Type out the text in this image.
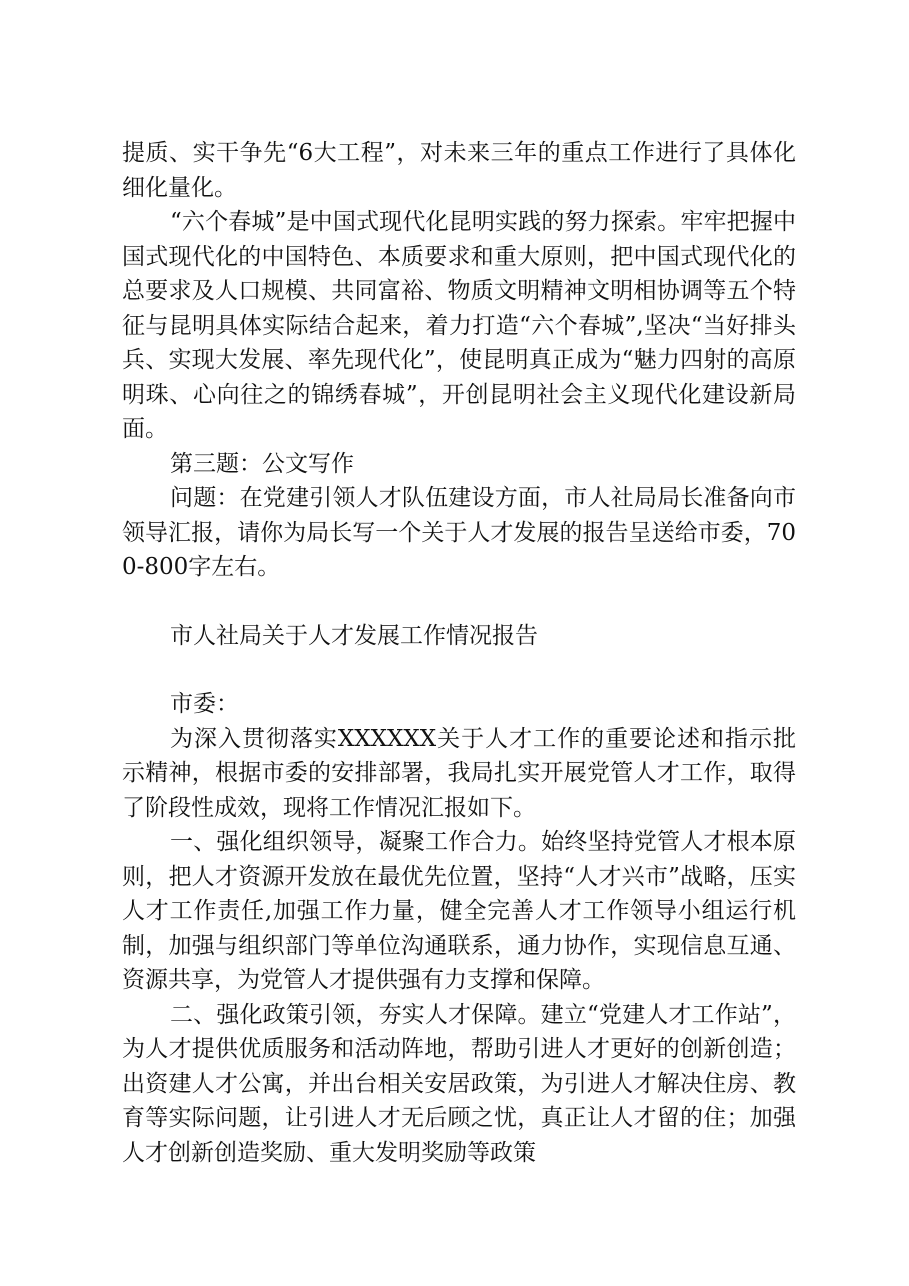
提质、实干争先“6大工程”，对未来三年的重点工作进行了具体化细化量化。

“六个春城”是中国式现代化昆明实践的努力探索。牢牢把握中国式现代化的中国特色、本质要求和重大原则，把中国式现代化的总要求及人口规模、共同富裕、物质文明精神文明相协调等五个特征与昆明具体实际结合起来，着力打造“六个春城”,坚决“当好排头兵、实现大发展、率先现代化”，使昆明真正成为“魅力四射的高原明珠、心向往之的锦绣春城”，开创昆明社会主义现代化建设新局面。

第三题：公文写作

问题：在党建引领人才队伍建设方面，市人社局局长准备向市领导汇报，请你为局长写一个关于人才发展的报告呈送给市委，700-800字左右。

市人社局关于人才发展工作情况报告

市委：

为深入贯彻落实XXXXXX关于人才工作的重要论述和指示批示精神，根据市委的安排部署，我局扎实开展党管人才工作，取得了阶段性成效，现将工作情况汇报如下。

一、强化组织领导，凝聚工作合力。始终坚持党管人才根本原则，把人才资源开发放在最优先位置，坚持“人才兴市”战略，压实人才工作责任,加强工作力量，健全完善人才工作领导小组运行机制，加强与组织部门等单位沟通联系，通力协作，实现信息互通、资源共享，为党管人才提供强有力支撑和保障。

二、强化政策引领，夯实人才保障。建立“党建人才工作站”，为人才提供优质服务和活动阵地，帮助引进人才更好的创新创造；出资建人才公寓，并出台相关安居政策，为引进人才解决住房、教育等实际问题，让引进人才无后顾之忧，真正让人才留的住；加强人才创新创造奖励、重大发明奖励等政策
